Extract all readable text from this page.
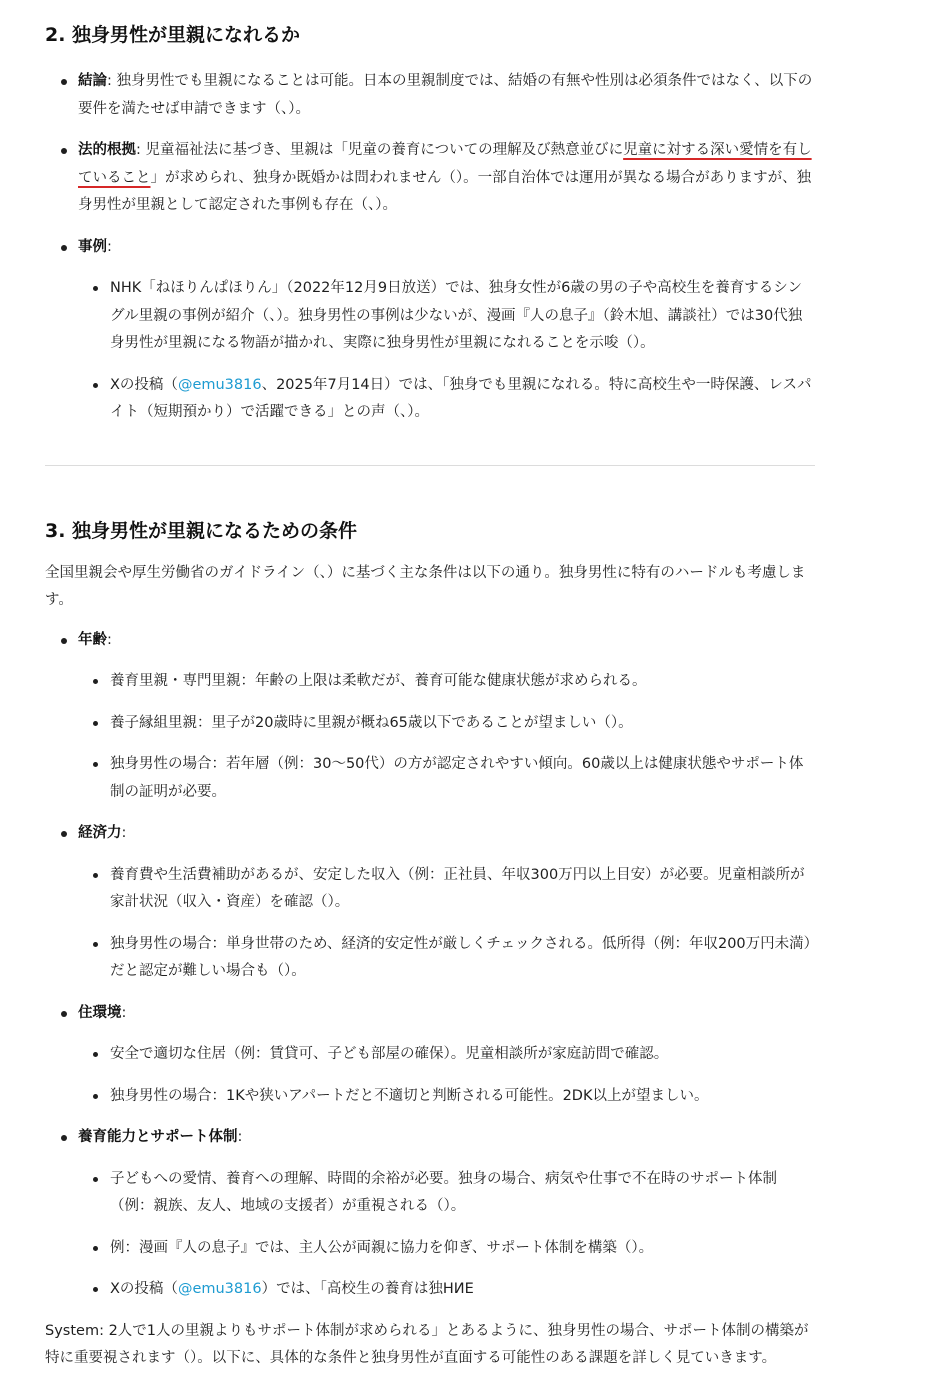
2. 独身男性が里親になれるか
結論: 独身男性でも里親になることは可能。日本の里親制度では、結婚の有無や性別は必須条件ではなく、以下の要件を満たせば申請できます（、）。
法的根拠: 児童福祉法に基づき、里親は「児童の養育についての理解及び熱意並びに児童に対する深い愛情を有していること」が求められ、独身か既婚かは問われません（）。一部自治体では運用が異なる場合がありますが、独身男性が里親として認定された事例も存在（、）。
事例:
NHK「ねほりんぱほりん」（2022年12月9日放送）では、独身女性が6歳の男の子や高校生を養育するシングル里親の事例が紹介（、）。独身男性の事例は少ないが、漫画『人の息子』（鈴木旭、講談社）では30代独身男性が里親になる物語が描かれ、実際に独身男性が里親になれることを示唆（）。
Xの投稿（@emu3816、2025年7月14日）では、「独身でも里親になれる。特に高校生や一時保護、レスパイト（短期預かり）で活躍できる」との声（、）。
3. 独身男性が里親になるための条件

全国里親会や厚生労働省のガイドライン（、）に基づく主な条件は以下の通り。独身男性に特有のハードルも考慮します。

年齢:
養育里親・専門里親：年齢の上限は柔軟だが、養育可能な健康状態が求められる。
養子縁組里親：里子が20歳時に里親が概ね65歳以下であることが望ましい（）。
独身男性の場合：若年層（例：30〜50代）の方が認定されやすい傾向。60歳以上は健康状態やサポート体制の証明が必要。
経済力:
養育費や生活費補助があるが、安定した収入（例：正社員、年収300万円以上目安）が必要。児童相談所が家計状況（収入・資産）を確認（）。
独身男性の場合：単身世帯のため、経済的安定性が厳しくチェックされる。低所得（例：年収200万円未満）だと認定が難しい場合も（）。
住環境:
安全で適切な住居（例：賃貸可、子ども部屋の確保）。児童相談所が家庭訪問で確認。
独身男性の場合：1Kや狭いアパートだと不適切と判断される可能性。2DK以上が望ましい。
養育能力とサポート体制:
子どもへの愛情、養育への理解、時間的余裕が必要。独身の場合、病気や仕事で不在時のサポート体制（例：親族、友人、地域の支援者）が重視される（）。
例：漫画『人の息子』では、主人公が両親に協力を仰ぎ、サポート体制を構築（）。
Xの投稿（@emu3816）では、「高校生の養育は独HИE

System: 2人で1人の里親よりもサポート体制が求められる」とあるように、独身男性の場合、サポート体制の構築が特に重要視されます（）。以下に、具体的な条件と独身男性が直面する可能性のある課題を詳しく見ていきます。
